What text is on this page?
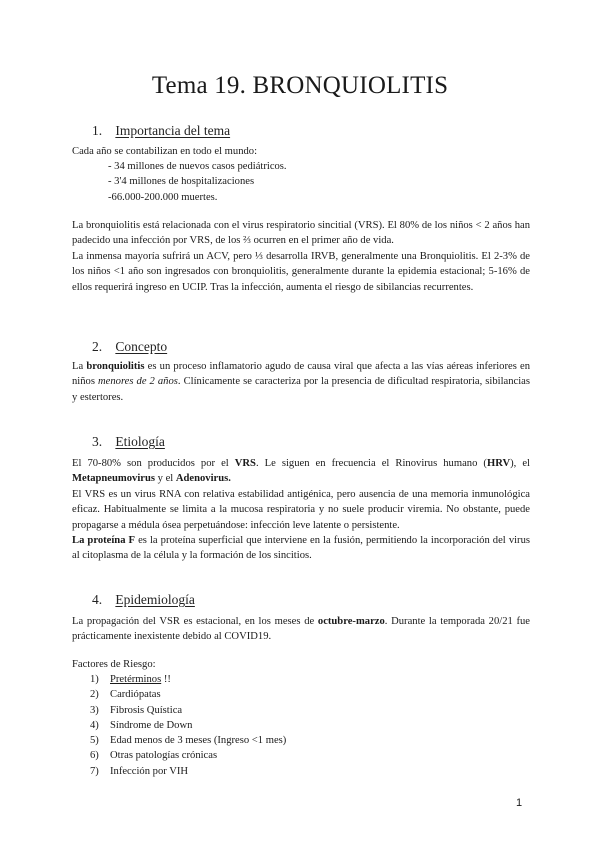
Tema 19. BRONQUIOLITIS
1. Importancia del tema

Cada año se contabilizan en todo el mundo:

- 34 millones de nuevos casos pediátricos.
- 3'4 millones de hospitalizaciones
-66.000-200.000 muertes.

La bronquiolitis está relacionada con el virus respiratorio sincitial (VRS). El 80% de los niños < 2 años han padecido una infección por VRS, de los ⅔ ocurren en el primer año de vida.

La inmensa mayoría sufrirá un ACV, pero ⅓ desarrolla IRVB, generalmente una Bronquiolitis. El 2-3% de los niños <1 año son ingresados con bronquiolitis, generalmente durante la epidemia estacional; 5-16% de ellos requerirá ingreso en UCIP. Tras la infección, aumenta el riesgo de sibilancias recurrentes.

2. Concepto

La bronquiolitis es un proceso inflamatorio agudo de causa viral que afecta a las vías aéreas inferiores en niños menores de 2 años. Clínicamente se caracteriza por la presencia de dificultad respiratoria, sibilancias y estertores.

3. Etiología

El 70-80% son producidos por el VRS. Le siguen en frecuencia el Rinovirus humano (HRV), el Metapneumovirus y el Adenovirus.

El VRS es un virus RNA con relativa estabilidad antigénica, pero ausencia de una memoria inmunológica eficaz. Habitualmente se limita a la mucosa respiratoria y no suele producir viremia. No obstante, puede propagarse a médula ósea perpetuándose: infección leve latente o persistente.

La proteína F es la proteína superficial que interviene en la fusión, permitiendo la incorporación del virus al citoplasma de la célula y la formación de los sincitios.

4. Epidemiología

La propagación del VSR es estacional, en los meses de octubre-marzo. Durante la temporada 20/21 fue prácticamente inexistente debido al COVID19.

Factores de Riesgo:

1) Pretérminos !!
2) Cardiópatas
3) Fibrosis Quística
4) Síndrome de Down
5) Edad menos de 3 meses (Ingreso <1 mes)
6) Otras patologías crónicas
7) Infección por VIH
1
